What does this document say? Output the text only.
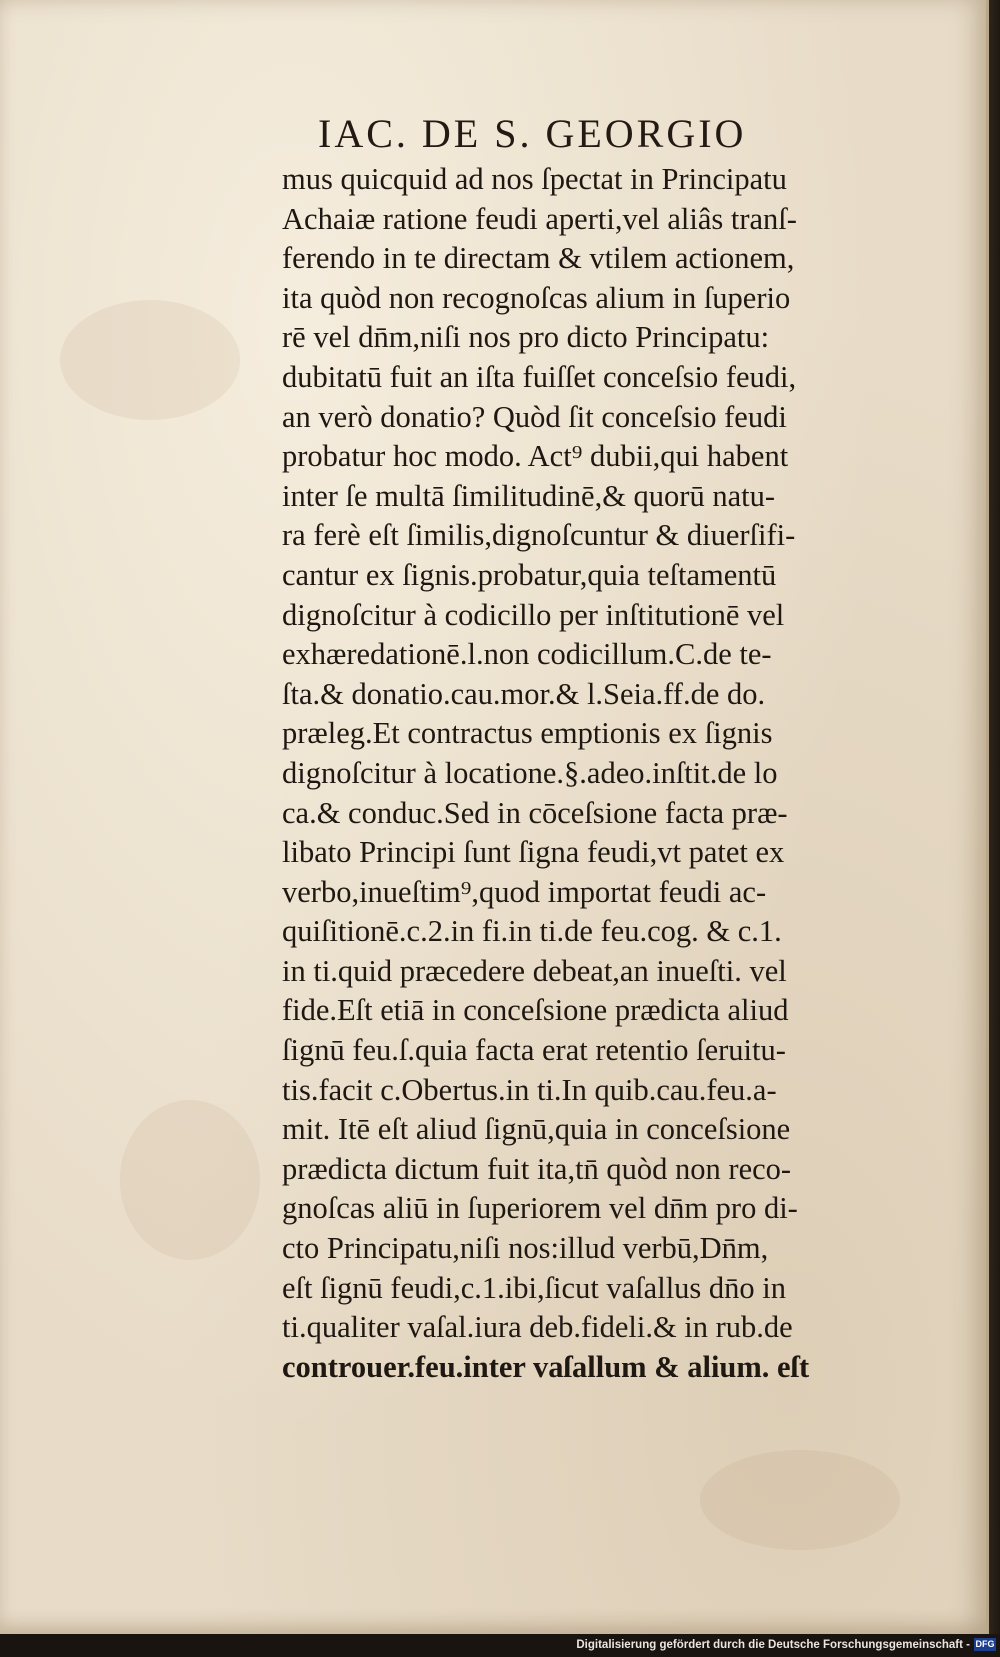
IAC. DE S. GEORGIO
mus quicquid ad nos ſpectat in Principatu
Achaiæ ratione feudi aperti,vel aliâs tranſ-
ferendo in te directam & vtilem actionem,
ita quòd non recognoſcas alium in ſuperio
rē vel dn̄m,niſi nos pro dicto Principatu:
dubitatū fuit an iſta fuiſſet conceſsio feudi,
an verò donatio? Quòd ſit conceſsio feudi
probatur hoc modo. Act⁹ dubii,qui habent
inter ſe multā ſimilitudinē,& quorū natu-
ra ferè eſt ſimilis,dignoſcuntur & diuerſifi-
cantur ex ſignis.probatur,quia teſtamentū
dignoſcitur à codicillo per inſtitutionē vel
exhæredationē.l.non codicillum.C.de te-
ſta.& donatio.cau.mor.& l.Seia.ff.de do.
præleg.Et contractus emptionis ex ſignis
dignoſcitur à locatione.§.adeo.inſtit.de lo
ca.& conduc.Sed in cōceſsione facta præ-
libato Principi ſunt ſigna feudi,vt patet ex
verbo,inueſtim⁹,quod importat feudi ac-
quiſitionē.c.2.in fi.in ti.de feu.cog. & c.1.
in ti.quid præcedere debeat,an inueſti. vel
fide.Eſt etiā in conceſsione prædicta aliud
ſignū feu.ſ.quia facta erat retentio ſeruitu-
tis.facit c.Obertus.in ti.In quib.cau.feu.a-
mit. Itē eſt aliud ſignū,quia in conceſsione
prædicta dictum fuit ita,tn̄ quòd non reco-
gnoſcas aliū in ſuperiorem vel dn̄m pro di-
cto Principatu,niſi nos:illud verbū,Dn̄m,
eſt ſignū feudi,c.1.ibi,ſicut vaſallus dn̄o in
ti.qualiter vaſal.iura deb.fideli.& in rub.de
controuer.feu.inter vaſallum & alium. eſt
Digitalisierung gefördert durch die Deutsche Forschungsgemeinschaft - DFG
